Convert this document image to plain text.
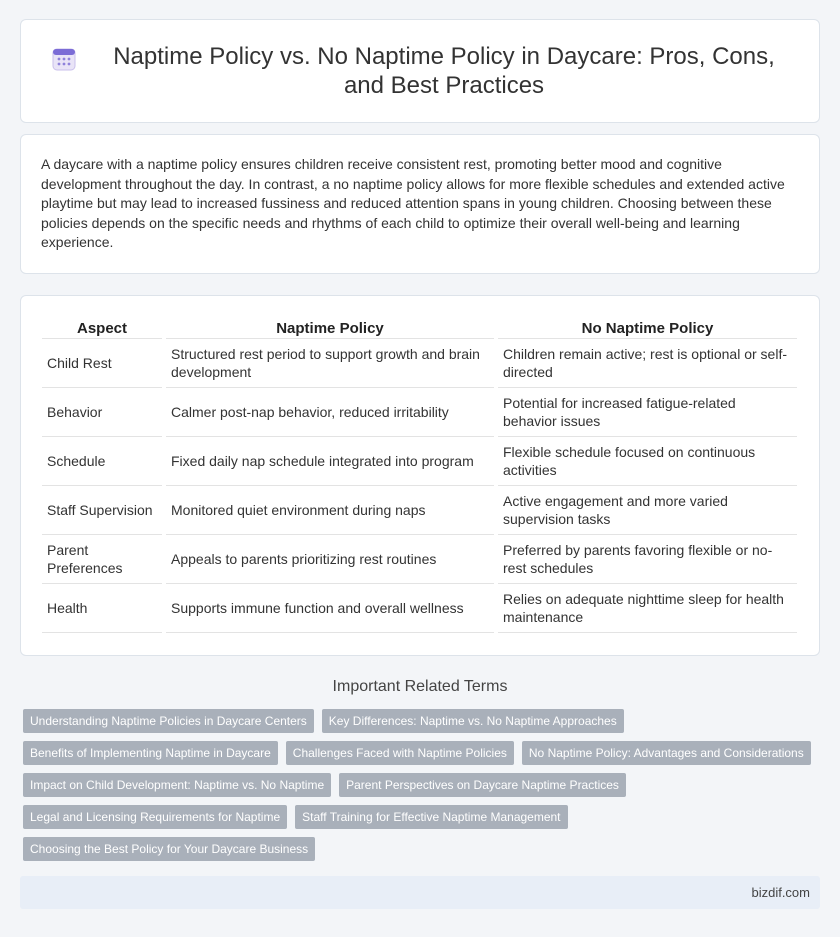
Naptime Policy vs. No Naptime Policy in Daycare: Pros, Cons, and Best Practices
A daycare with a naptime policy ensures children receive consistent rest, promoting better mood and cognitive development throughout the day. In contrast, a no naptime policy allows for more flexible schedules and extended active playtime but may lead to increased fussiness and reduced attention spans in young children. Choosing between these policies depends on the specific needs and rhythms of each child to optimize their overall well-being and learning experience.
Aspect	Naptime Policy	No Naptime Policy
Child Rest	Structured rest period to support growth and brain development	Children remain active; rest is optional or self-directed
Behavior	Calmer post-nap behavior, reduced irritability	Potential for increased fatigue-related behavior issues
Schedule	Fixed daily nap schedule integrated into program	Flexible schedule focused on continuous activities
Staff Supervision	Monitored quiet environment during naps	Active engagement and more varied supervision tasks
Parent Preferences	Appeals to parents prioritizing rest routines	Preferred by parents favoring flexible or no-rest schedules
Health	Supports immune function and overall wellness	Relies on adequate nighttime sleep for health maintenance
Important Related Terms
Understanding Naptime Policies in Daycare Centers	Key Differences: Naptime vs. No Naptime Approaches
Benefits of Implementing Naptime in Daycare	Challenges Faced with Naptime Policies	No Naptime Policy: Advantages and Considerations
Impact on Child Development: Naptime vs. No Naptime	Parent Perspectives on Daycare Naptime Practices
Legal and Licensing Requirements for Naptime	Staff Training for Effective Naptime Management
Choosing the Best Policy for Your Daycare Business
bizdif.com
